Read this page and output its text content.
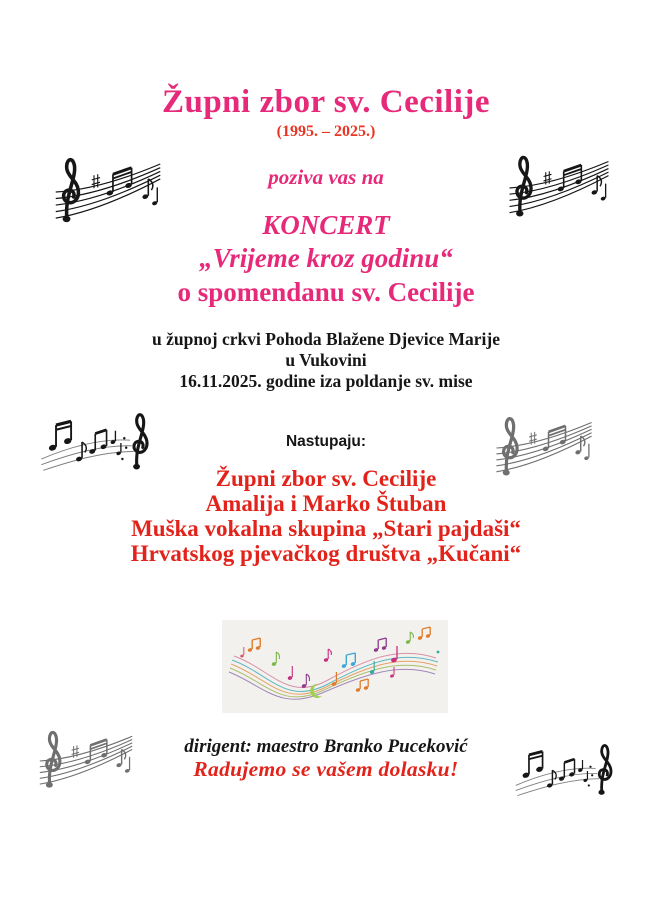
Župni zbor sv. Cecilije
(1995. – 2025.)
poziva vas na
KONCERT
„Vrijeme kroz godinu“
o spomendanu sv. Cecilije
u župnoj crkvi Pohoda Blažene Djevice Marije
u Vukovini
16.11.2025. godine iza poldanje sv. mise
Nastupaju:
Župni zbor sv. Cecilije
Amalija i Marko Štuban
Muška vokalna skupina „Stari pajdaši“
Hrvatskog pjevačkog društva „Kučani“
dirigent: maestro Branko Puceković
Radujemo se vašem dolasku!
